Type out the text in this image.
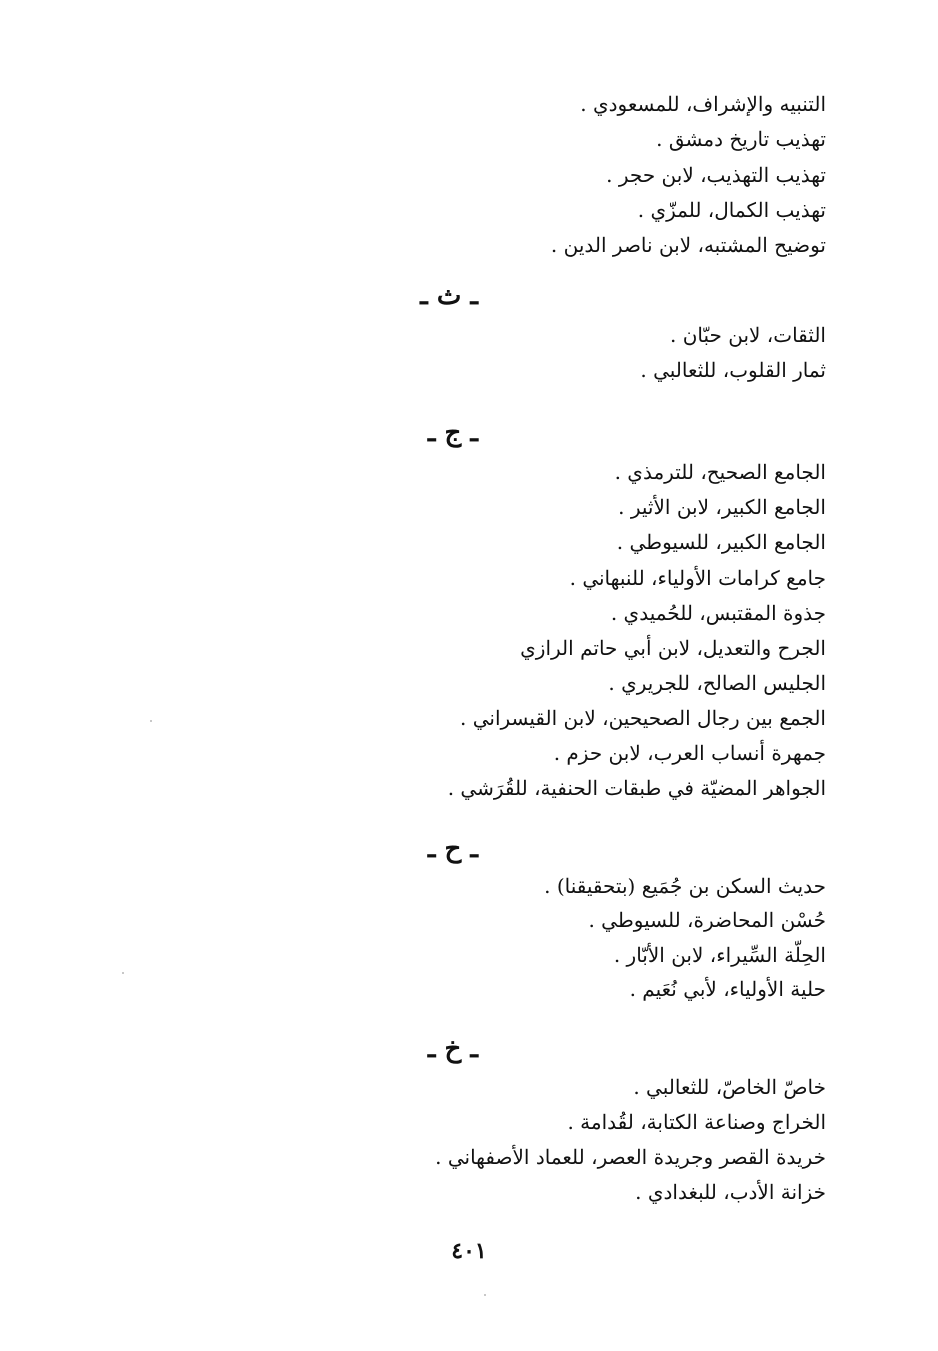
التنبيه والإشراف، للمسعودي .
تهذيب تاريخ دمشق .
تهذيب التهذيب، لابن حجر .
تهذيب الكمال، للمزّي .
توضيح المشتبه، لابن ناصر الدين .
ـ ث ـ
الثقات، لابن حبّان .
ثمار القلوب، للثعالبي .
ـ ج ـ
الجامع الصحيح، للترمذي .
الجامع الكبير، لابن الأثير .
الجامع الكبير، للسيوطي .
جامع كرامات الأولياء، للنبهاني .
جذوة المقتبس، للحُميدي .
الجرح والتعديل، لابن أبي حاتم الرازي
الجليس الصالح، للجريري .
الجمع بين رجال الصحيحين، لابن القيسراني .
جمهرة أنساب العرب، لابن حزم .
الجواهر المضيّة في طبقات الحنفية، للقُرَشي .
ـ ح ـ
حديث السكن بن جُمَيع (بتحقيقنا) .
حُسْن المحاضرة، للسيوطي .
الحِلّة السِّيراء، لابن الأبّار .
حلية الأولياء، لأبي نُعَيم .
ـ خ ـ
خاصّ الخاصّ، للثعالبي .
الخراج وصناعة الكتابة، لقُدامة .
خريدة القصر وجريدة العصر، للعماد الأصفهاني .
خزانة الأدب، للبغدادي .
٤٠١
